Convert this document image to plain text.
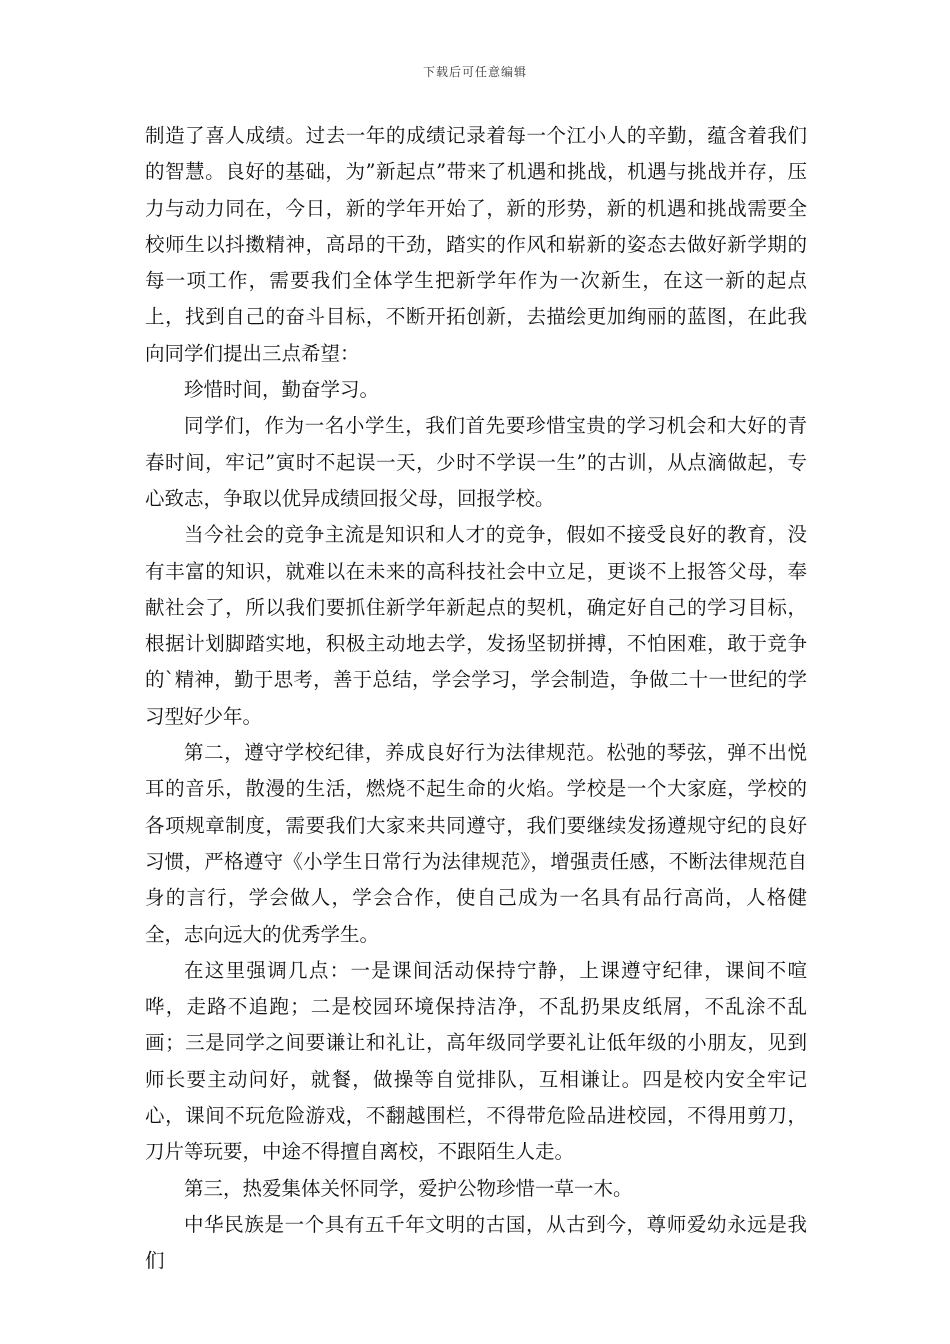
下载后可任意编辑

制造了喜人成绩。过去一年的成绩记录着每一个江小人的辛勤，蕴含着我们的智慧。良好的基础，为”新起点”带来了机遇和挑战，机遇与挑战并存，压力与动力同在，今日，新的学年开始了，新的形势，新的机遇和挑战需要全校师生以抖擞精神，高昂的干劲，踏实的作风和崭新的姿态去做好新学期的每一项工作，需要我们全体学生把新学年作为一次新生，在这一新的起点上，找到自己的奋斗目标，不断开拓创新，去描绘更加绚丽的蓝图，在此我向同学们提出三点希望：

珍惜时间，勤奋学习。

同学们，作为一名小学生，我们首先要珍惜宝贵的学习机会和大好的青春时间，牢记”寅时不起误一天，少时不学误一生”的古训，从点滴做起，专心致志，争取以优异成绩回报父母，回报学校。

当今社会的竞争主流是知识和人才的竞争，假如不接受良好的教育，没有丰富的知识，就难以在未来的高科技社会中立足，更谈不上报答父母，奉献社会了，所以我们要抓住新学年新起点的契机，确定好自己的学习目标，根据计划脚踏实地，积极主动地去学，发扬坚韧拼搏，不怕困难，敢于竞争的`精神，勤于思考，善于总结，学会学习，学会制造，争做二十一世纪的学习型好少年。

第二，遵守学校纪律，养成良好行为法律规范。松弛的琴弦，弹不出悦耳的音乐，散漫的生活，燃烧不起生命的火焰。学校是一个大家庭，学校的各项规章制度，需要我们大家来共同遵守，我们要继续发扬遵规守纪的良好习惯，严格遵守《小学生日常行为法律规范》，增强责任感，不断法律规范自身的言行，学会做人，学会合作，使自己成为一名具有品行高尚，人格健全，志向远大的优秀学生。

在这里强调几点：一是课间活动保持宁静，上课遵守纪律，课间不喧哗，走路不追跑；二是校园环境保持洁净，不乱扔果皮纸屑，不乱涂不乱画；三是同学之间要谦让和礼让，高年级同学要礼让低年级的小朋友，见到师长要主动问好，就餐，做操等自觉排队，互相谦让。四是校内安全牢记心，课间不玩危险游戏，不翻越围栏，不得带危险品进校园，不得用剪刀，刀片等玩要，中途不得擅自离校，不跟陌生人走。

第三，热爱集体关怀同学，爱护公物珍惜一草一木。

中华民族是一个具有五千年文明的古国，从古到今，尊师爱幼永远是我们
